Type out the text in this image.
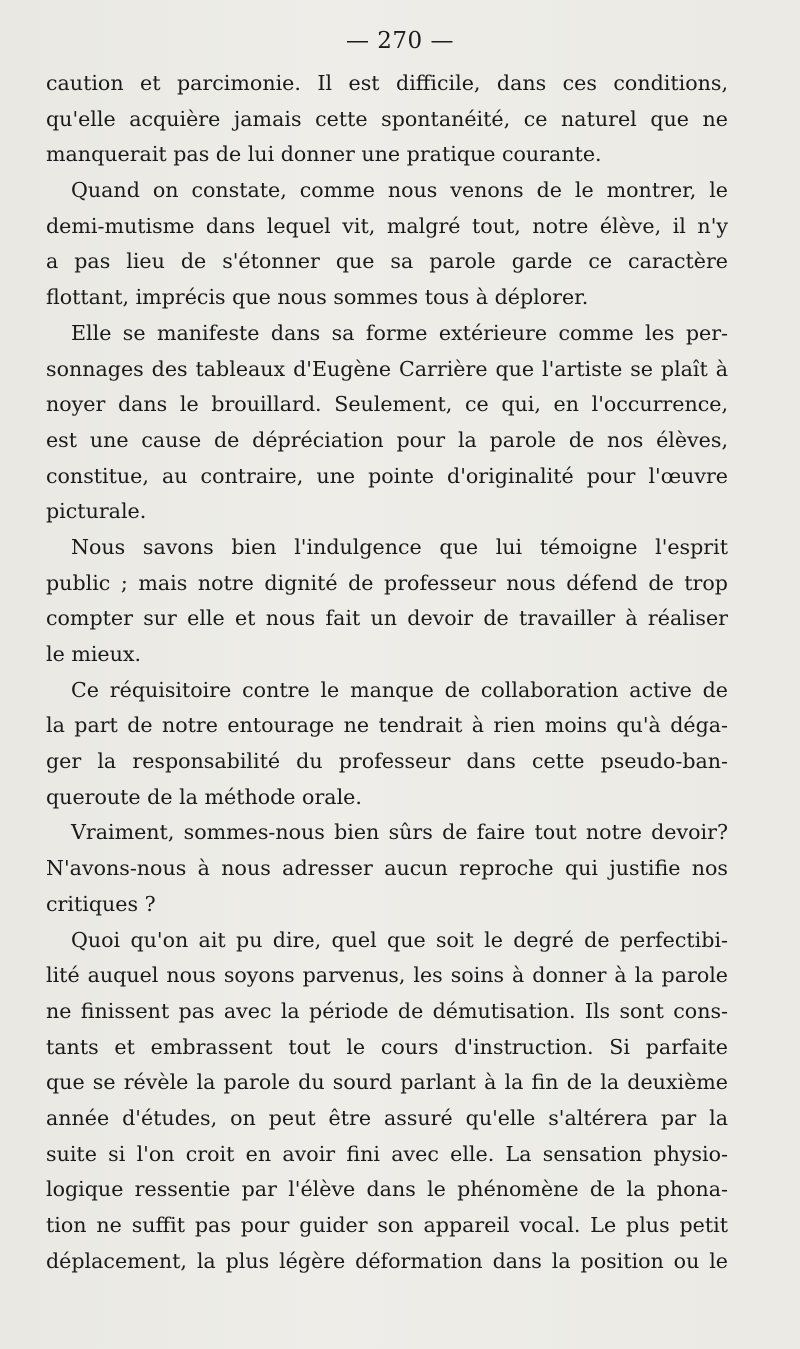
— 270 —

caution et parcimonie. Il est difficile, dans ces conditions,
qu'elle acquière jamais cette spontanéité, ce naturel que ne
manquerait pas de lui donner une pratique courante.

Quand on constate, comme nous venons de le montrer, le
demi-mutisme dans lequel vit, malgré tout, notre élève, il n'y
a pas lieu de s'étonner que sa parole garde ce caractère
flottant, imprécis que nous sommes tous à déplorer.

Elle se manifeste dans sa forme extérieure comme les per-
sonnages des tableaux d'Eugène Carrière que l'artiste se plaît à
noyer dans le brouillard. Seulement, ce qui, en l'occurrence,
est une cause de dépréciation pour la parole de nos élèves,
constitue, au contraire, une pointe d'originalité pour l'œuvre
picturale.

Nous savons bien l'indulgence que lui témoigne l'esprit
public ; mais notre dignité de professeur nous défend de trop
compter sur elle et nous fait un devoir de travailler à réaliser
le mieux.

Ce réquisitoire contre le manque de collaboration active de
la part de notre entourage ne tendrait à rien moins qu'à déga-
ger la responsabilité du professeur dans cette pseudo-ban-
queroute de la méthode orale.

Vraiment, sommes-nous bien sûrs de faire tout notre devoir?
N'avons-nous à nous adresser aucun reproche qui justifie nos
critiques ?

Quoi qu'on ait pu dire, quel que soit le degré de perfectibi-
lité auquel nous soyons parvenus, les soins à donner à la parole
ne finissent pas avec la période de démutisation. Ils sont cons-
tants et embrassent tout le cours d'instruction. Si parfaite
que se révèle la parole du sourd parlant à la fin de la deuxième
année d'études, on peut être assuré qu'elle s'altérera par la
suite si l'on croit en avoir fini avec elle. La sensation physio-
logique ressentie par l'élève dans le phénomène de la phona-
tion ne suffit pas pour guider son appareil vocal. Le plus petit
déplacement, la plus légère déformation dans la position ou le
